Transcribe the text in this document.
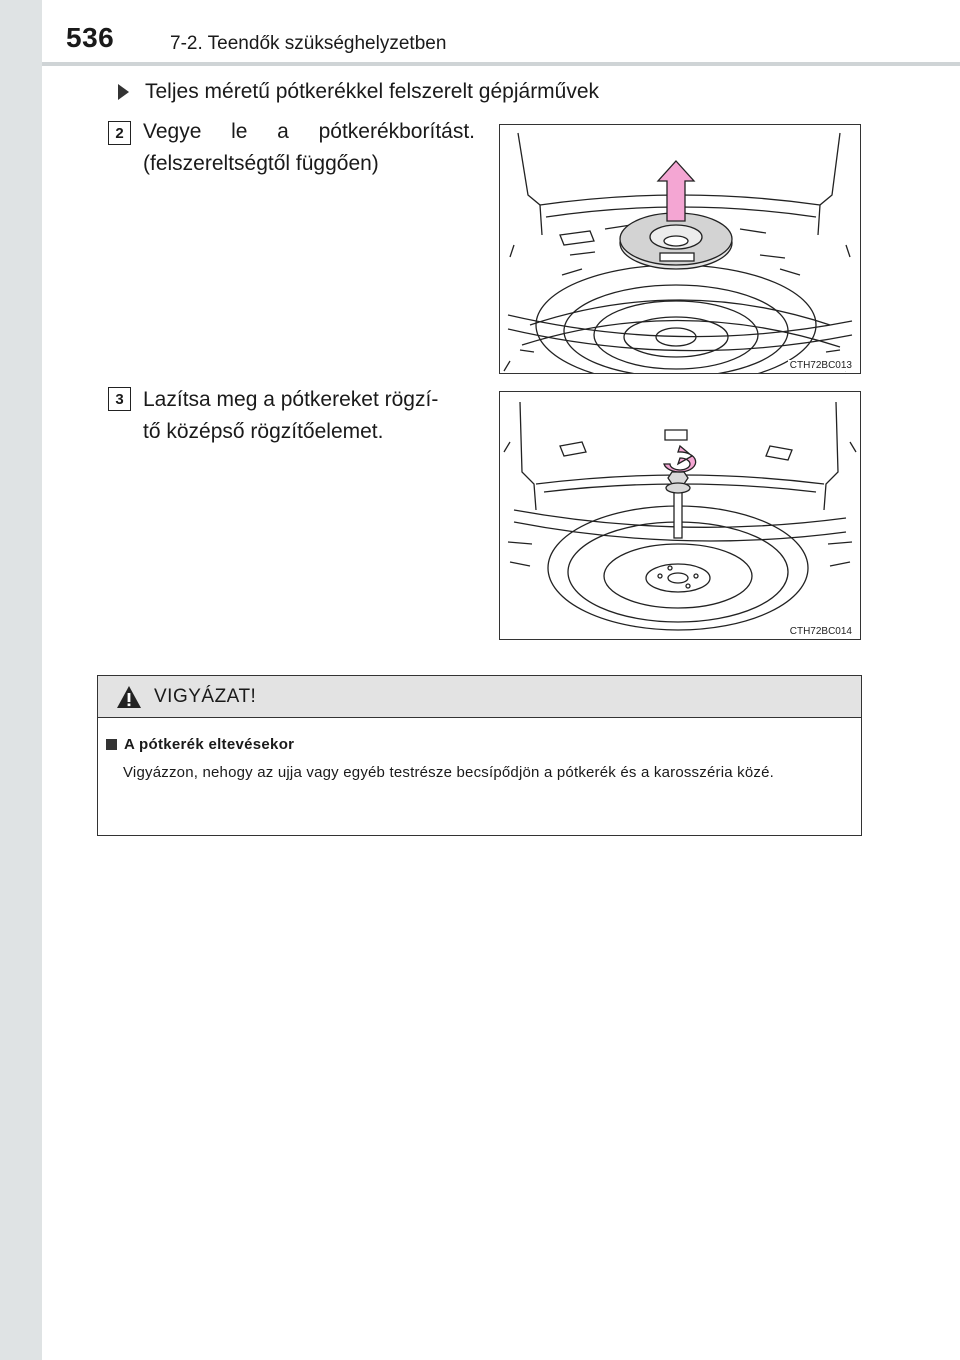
536	7-2. Teendők szükséghelyzetben
Teljes méretű pótkerékkel felszerelt gépjárművek
2 Vegye le a pótkerékborítást.
(felszereltségtől függően)
CTH72BC013
3 Lazítsa meg a pótkereket rögzí-
tő középső rögzítőelemet.
CTH72BC014
VIGYÁZAT!
A pótkerék eltevésekor
Vigyázzon, nehogy az ujja vagy egyéb testrésze becsípődjön a pótkerék és a karosszéria közé.
